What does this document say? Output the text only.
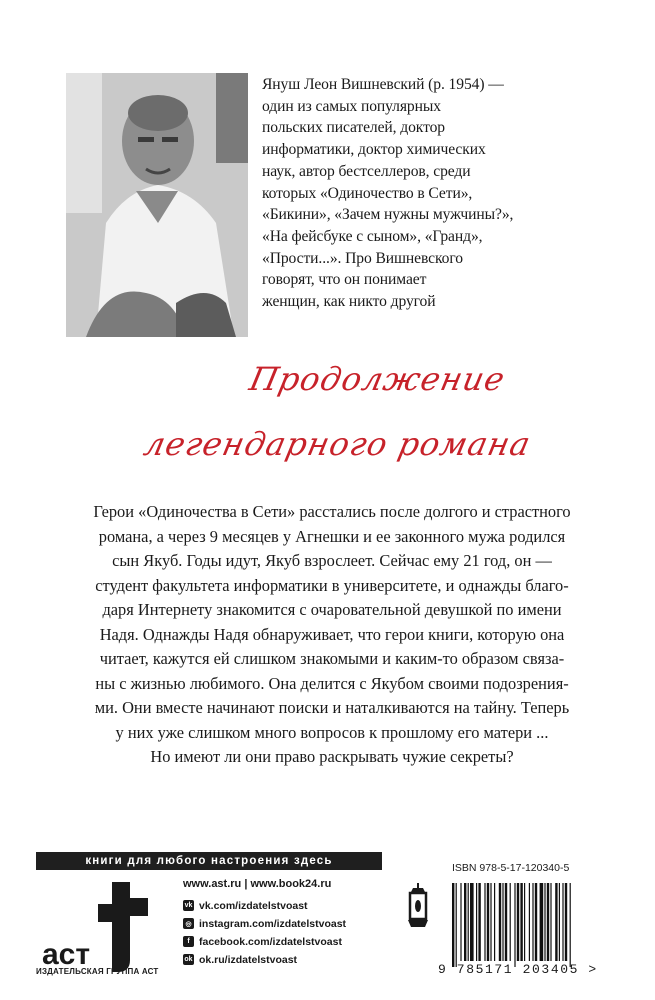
Януш Леон Вишневский (р. 1954) —

один из самых популярных

польских писателей, доктор

информатики, доктор химических

наук, автор бестселлеров, среди

которых «Одиночество в Сети»,

«Бикини», «Зачем нужны мужчины?»,

«На фейсбуке с сыном», «Гранд»,

«Прости...». Про Вишневского

говорят, что он понимает

женщин, как никто другой

Продолжение
легендарного романа

Герои «Одиночества в Сети» расстались после долгого и страстного

романа, а через 9 месяцев у Агнешки и ее законного мужа родился

сын Якуб. Годы идут, Якуб взрослеет. Сейчас ему 21 год, он —

студент факультета информатики в университете, и однажды благо-

даря Интернету знакомится с очаровательной девушкой по имени

Надя. Однажды Надя обнаруживает, что герои книги, которую она

читает, кажутся ей слишком знакомыми и каким-то образом связа-

ны с жизнью любимого. Она делится с Якубом своими подозрения-

ми. Они вместе начинают поиски и наталкиваются на тайну. Теперь

у них уже слишком много вопросов к прошлому его матери ...

Но имеют ли они право раскрывать чужие секреты?

книги для любого настроения здесь
аст
ИЗДАТЕЛЬСКАЯ ГРУППА АСТ
www.ast.ru | www.book24.ru
vk vk.com/izdatelstvoast
◎ instagram.com/izdatelstvoast
f facebook.com/izdatelstvoast
ok ok.ru/izdatelstvoast
ISBN 978-5-17-120340-5
9 785171 203405 >
